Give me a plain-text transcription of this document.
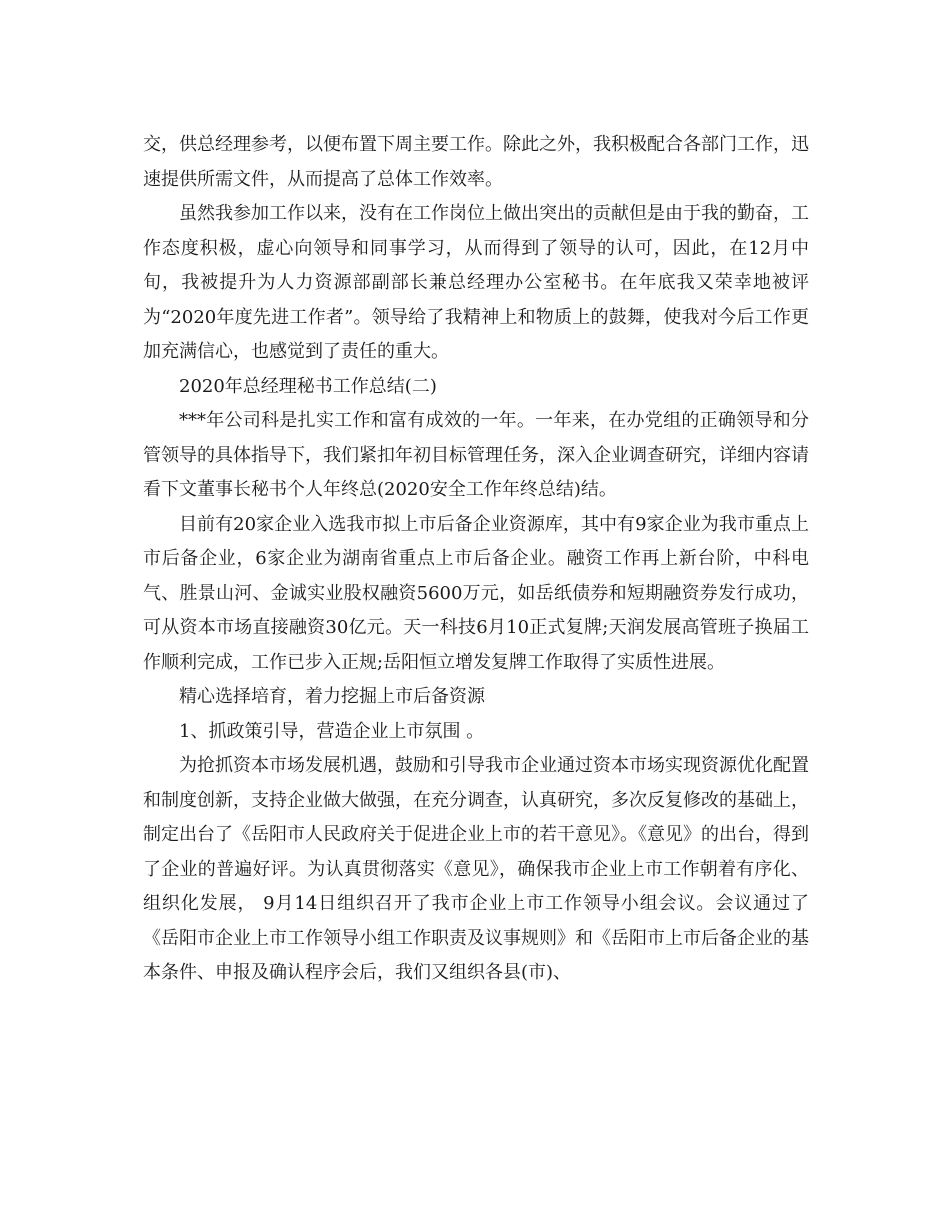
交，供总经理参考，以便布置下周主要工作。除此之外，我积极配合各部门工作，迅速提供所需文件，从而提高了总体工作效率。

虽然我参加工作以来，没有在工作岗位上做出突出的贡献但是由于我的勤奋，工作态度积极，虚心向领导和同事学习，从而得到了领导的认可，因此，在12月中旬，我被提升为人力资源部副部长兼总经理办公室秘书。在年底我又荣幸地被评为“2020年度先进工作者”。领导给了我精神上和物质上的鼓舞，使我对今后工作更加充满信心，也感觉到了责任的重大。

2020年总经理秘书工作总结(二)

***年公司科是扎实工作和富有成效的一年。一年来，在办党组的正确领导和分管领导的具体指导下，我们紧扣年初目标管理任务，深入企业调查研究，详细内容请看下文董事长秘书个人年终总(2020安全工作年终总结)结。

目前有20家企业入选我市拟上市后备企业资源库，其中有9家企业为我市重点上市后备企业，6家企业为湖南省重点上市后备企业。融资工作再上新台阶，中科电气、胜景山河、金诚实业股权融资5600万元，如岳纸债券和短期融资券发行成功，可从资本市场直接融资30亿元。天一科技6月10正式复牌;天润发展高管班子换届工作顺利完成，工作已步入正规;岳阳恒立增发复牌工作取得了实质性进展。

精心选择培育，着力挖掘上市后备资源

1、抓政策引导，营造企业上市氛围 。

为抢抓资本市场发展机遇，鼓励和引导我市企业通过资本市场实现资源优化配置和制度创新，支持企业做大做强，在充分调查，认真研究，多次反复修改的基础上，制定出台了《岳阳市人民政府关于促进企业上市的若干意见》。《意见》的出台，得到了企业的普遍好评。为认真贯彻落实《意见》，确保我市企业上市工作朝着有序化、组织化发展， 9月14日组织召开了我市企业上市工作领导小组会议。会议通过了《岳阳市企业上市工作领导小组工作职责及议事规则》和《岳阳市上市后备企业的基本条件、申报及确认程序会后，我们又组织各县(市)、
